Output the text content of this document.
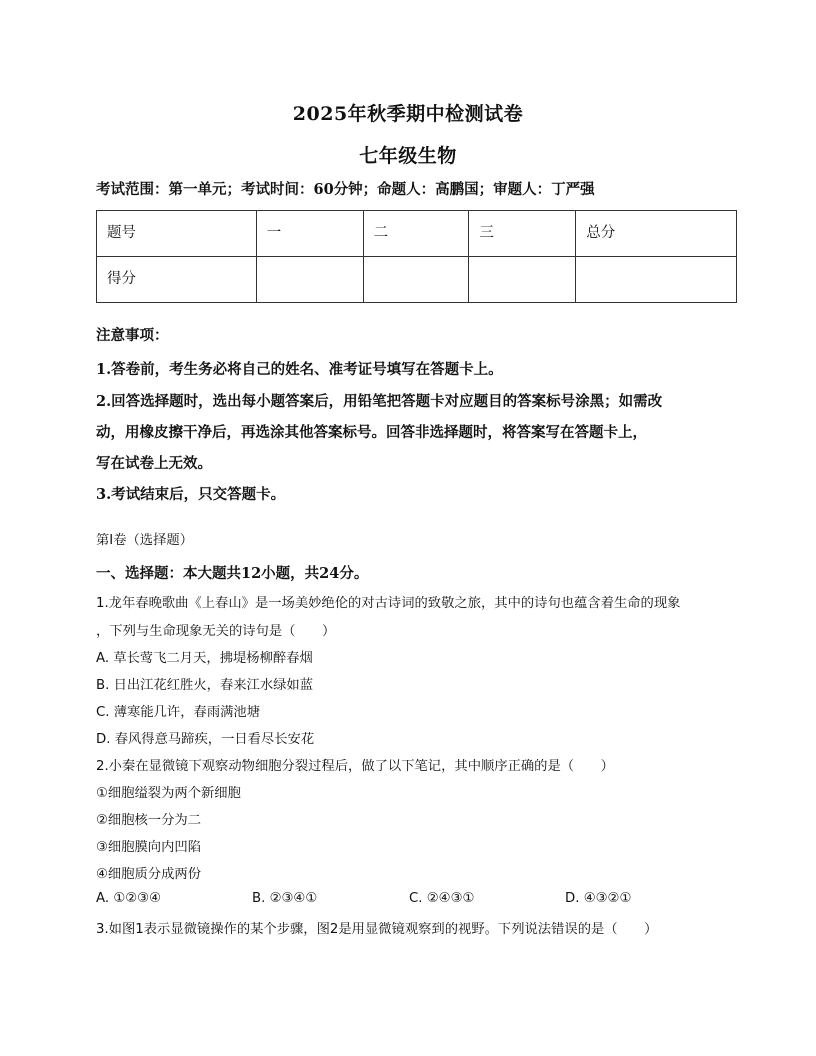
2025年秋季期中检测试卷
七年级生物
考试范围：第一单元；考试时间：60分钟；命题人：高鹏国；审题人：丁严强
题号	一	二	三	总分
得分				
注意事项：
1.答卷前，考生务必将自己的姓名、准考证号填写在答题卡上。
2.回答选择题时，选出每小题答案后，用铅笔把答题卡对应题目的答案标号涂黑；如需改
动，用橡皮擦干净后，再选涂其他答案标号。回答非选择题时，将答案写在答题卡上，
写在试卷上无效。
3.考试结束后，只交答题卡。
第Ⅰ卷（选择题）
一、选择题：本大题共12小题，共24分。
1.龙年春晚歌曲《上春山》是一场美妙绝伦的对古诗词的致敬之旅，其中的诗句也蕴含着生命的现象
，下列与生命现象无关的诗句是（　　）
A. 草长莺飞二月天，拂堤杨柳醉春烟
B. 日出江花红胜火，春来江水绿如蓝
C. 薄寒能几许，春雨满池塘
D. 春风得意马蹄疾，一日看尽长安花
2.小秦在显微镜下观察动物细胞分裂过程后，做了以下笔记，其中顺序正确的是（　　）
①细胞缢裂为两个新细胞
②细胞核一分为二
③细胞膜向内凹陷
④细胞质分成两份
A. ①②③④	B. ②③④①	C. ②④③①	D. ④③②①
3.如图1表示显微镜操作的某个步骤，图2是用显微镜观察到的视野。下列说法错误的是（　　）
